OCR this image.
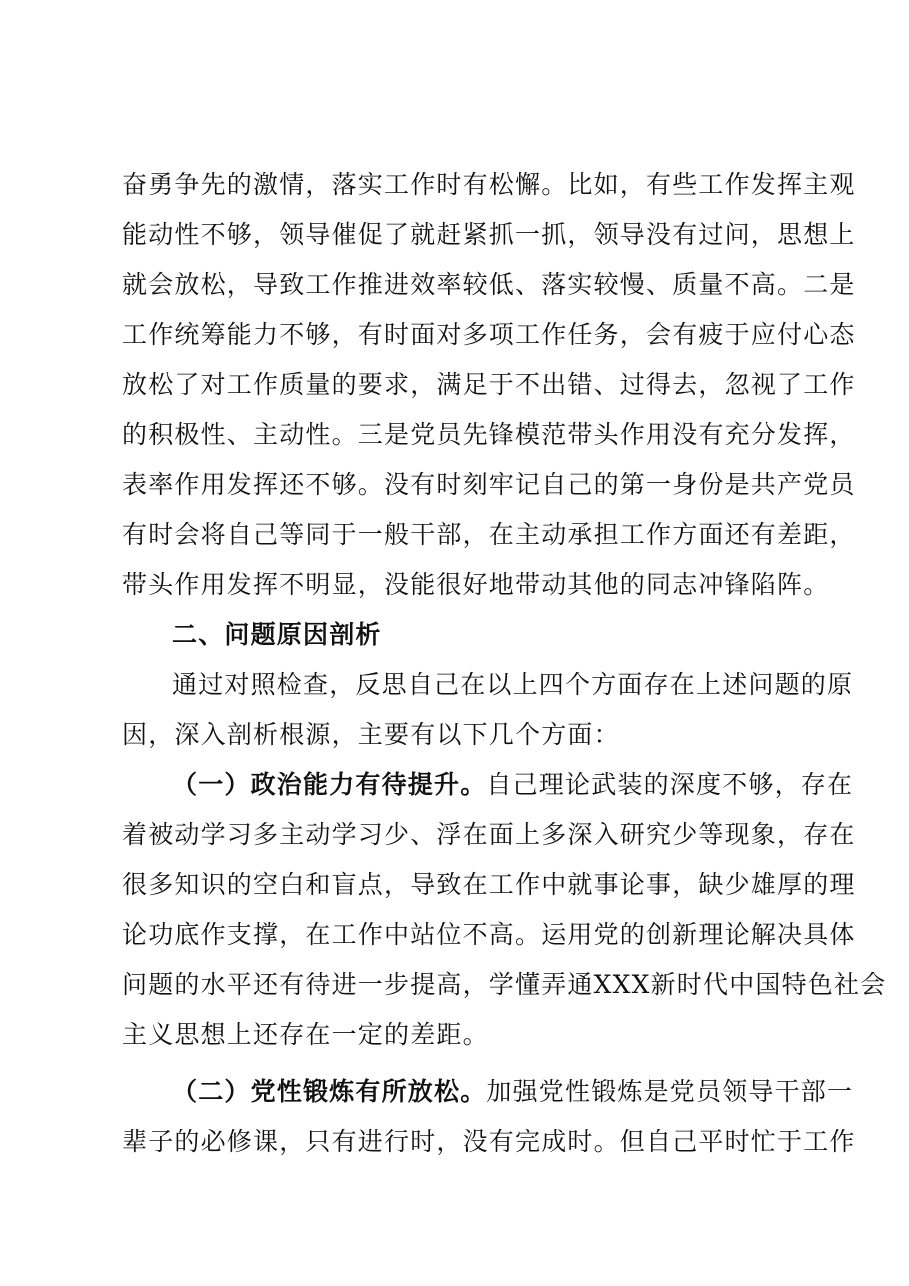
奋勇争先的激情，落实工作时有松懈。比如，有些工作发挥主观
能动性不够，领导催促了就赶紧抓一抓，领导没有过问，思想上
就会放松，导致工作推进效率较低、落实较慢、质量不高。二是
工作统筹能力不够，有时面对多项工作任务，会有疲于应付心态
放松了对工作质量的要求，满足于不出错、过得去，忽视了工作
的积极性、主动性。三是党员先锋模范带头作用没有充分发挥，
表率作用发挥还不够。没有时刻牢记自己的第一身份是共产党员
有时会将自己等同于一般干部，在主动承担工作方面还有差距，
带头作用发挥不明显，没能很好地带动其他的同志冲锋陷阵。
二、问题原因剖析
通过对照检查，反思自己在以上四个方面存在上述问题的原
因，深入剖析根源，主要有以下几个方面：
（一）政治能力有待提升。自己理论武装的深度不够，存在
着被动学习多主动学习少、浮在面上多深入研究少等现象，存在
很多知识的空白和盲点，导致在工作中就事论事，缺少雄厚的理
论功底作支撑，在工作中站位不高。运用党的创新理论解决具体
问题的水平还有待进一步提高，学懂弄通XXX新时代中国特色社会
主义思想上还存在一定的差距。
（二）党性锻炼有所放松。加强党性锻炼是党员领导干部一
辈子的必修课，只有进行时，没有完成时。但自己平时忙于工作
